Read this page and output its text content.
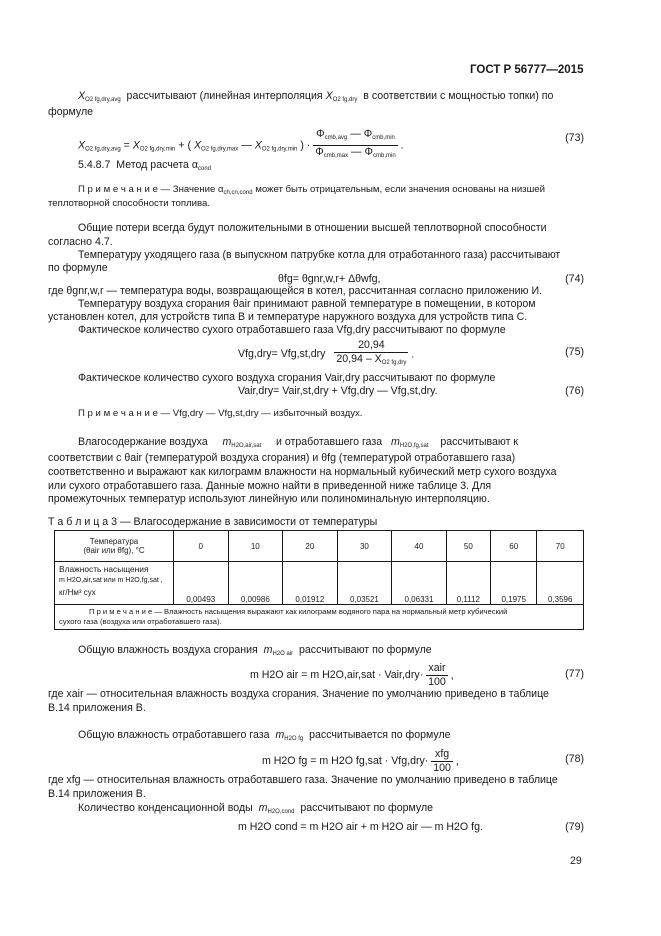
ГОСТ Р 56777—2015
$X_{O2 fg,dry,avg}$ рассчитывают (линейная интерполяция $X_{O2 fg,dry}$ в соответствии с мощностью топки) по
формуле
$X_{O2 fg,dry,avg} = X_{O2 fg,dry,min}$ + ( $X_{O2 fg,dry,max}$ — $X_{O2 fg,dry,min}$ ) · $\frac{\Phi_{cmb,avg} — \Phi_{cmb,min}}{\Phi_{cmb,max} — \Phi_{cmb,min}}$ .
(73)
5.4.8.7 Метод расчета $\alpha_{cond}$
П р и м е ч а н и е — Значение $\alpha_{ch,cn,cond}$ может быть отрицательным, если значения основаны на низшей
теплотворной способности топлива.
Общие потери всегда будут положительными в отношении высшей теплотворной способности
согласно 4.7.
Температуру уходящего газа (в выпускном патрубке котла для отработанного газа) рассчитывают
по формуле
θfg= θgnr,w,r+ Δθwfg,	(74)
где θgnr,w,r — температура воды, возвращающейся в котел, рассчитанная согласно приложению И.
Температуру воздуха сгорания θair принимают равной температуре в помещении, в котором
установлен котел, для устройств типа В и температуре наружного воздуха для устройств типа С.
Фактическое количество сухого отработавшего газа Vfg,dry рассчитывают по формуле
$Vfg,dry= Vfg,st,dry \frac{20,94}{20,94 - X_{O2 fg,dry}}$ .	(75)
Фактическое количество сухого воздуха сгорания Vair,dry рассчитывают по формуле
Vair,dry= Vair,st,dry + Vfg,dry — Vfg,st,dry.	(76)
П р и м е ч а н и е — Vfg,dry — Vfg,st,dry — избыточный воздух.
Влагосодержание воздуха $m_{H2O,air,sat}$ и отработавшего газа $m_{H2O,fg,sat}$ рассчитывают к
соответствии с θair (температурой воздуха сгорания) и θfg (температурой отработавшего газа)
соответственно и выражают как килограмм влажности на нормальный кубический метр сухого воздуха
или сухого отработавшего газа. Данные можно найти в приведенной ниже таблице 3. Для
промежуточных температур используют линейную или полиноминальную интерполяцию.
Т а б л и ц а 3 — Влагосодержание в зависимости от температуры
Температура
(θair или θfg), °С	0	10	20	30	40	50	60	70

Влажность насыщения
m H2O,air,sat или m H2O,fg,sat ,
кг/Нм³ сух	0,00493	0,00986	0,01912	0,03521	0,06331	0,1112	0,1975	0,3596
П р и м е ч а н и е — Влажность насыщения выражают как килограмм водяного пара на нормальный метр кубический
сухого газа (воздуха или отработавшего газа).								
Общую влажность воздуха сгорания $m_{H2O air}$ рассчитывают по формуле
m H2O air = m H2O,air,sat · Vair,dry· $\frac{\text{xair}}{100}$ ,	(77)
где xair — относительная влажность воздуха сгорания. Значение по умолчанию приведено в таблице
В.14 приложения В.
Общую влажность отработавшего газа $m_{H2O fg}$ рассчитывается по формуле
m H2O fg = m H2O $fg,sat \cdot Vfg,dry\cdot \frac{\text{xfg}}{100}$ ,	(78)
где xfg — относительная влажность отработавшего газа. Значение по умолчанию приведено в таблице
В.14 приложения В.
Количество конденсационной воды $m_{H2O,cond}$ рассчитывают по формуле
m H2O cond = m H2O air + m H2O air — m H2O fg.	(79)
29
